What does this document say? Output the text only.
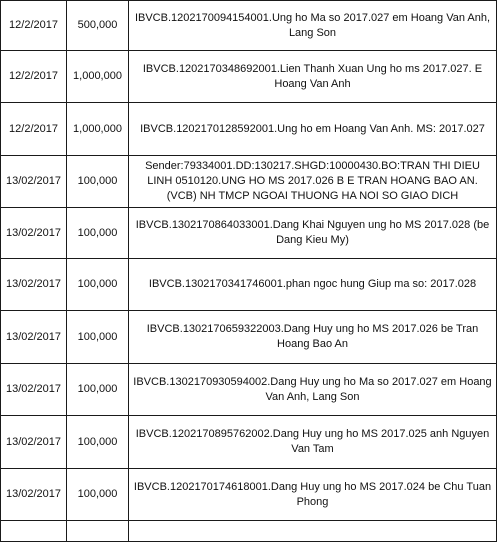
12/2/2017	500,000	IBVCB.1202170094154001.Ung ho Ma so 2017.027 em Hoang Van Anh, Lang Son
12/2/2017	1,000,000	IBVCB.1202170348692001.Lien Thanh Xuan Ung ho ms 2017.027. E Hoang Van Anh
12/2/2017	1,000,000	IBVCB.1202170128592001.Ung ho em Hoang Van Anh. MS: 2017.027
13/02/2017	100,000	Sender:79334001.DD:130217.SHGD:10000430.BO:TRAN THI DIEU LINH 0510120.UNG HO MS 2017.026 B E TRAN HOANG BAO AN. (VCB) NH TMCP NGOAI THUONG HA NOI SO GIAO DICH
13/02/2017	100,000	IBVCB.1302170864033001.Dang Khai Nguyen ung ho MS 2017.028 (be Dang Kieu My)
13/02/2017	100,000	IBVCB.1302170341746001.phan ngoc hung Giup ma so: 2017.028
13/02/2017	100,000	IBVCB.1302170659322003.Dang Huy ung ho MS 2017.026 be Tran Hoang Bao An
13/02/2017	100,000	IBVCB.1302170930594002.Dang Huy ung ho Ma so 2017.027 em Hoang Van Anh, Lang Son
13/02/2017	100,000	IBVCB.1202170895762002.Dang Huy ung ho MS 2017.025 anh Nguyen Van Tam
13/02/2017	100,000	IBVCB.1202170174618001.Dang Huy ung ho MS 2017.024 be Chu Tuan Phong
